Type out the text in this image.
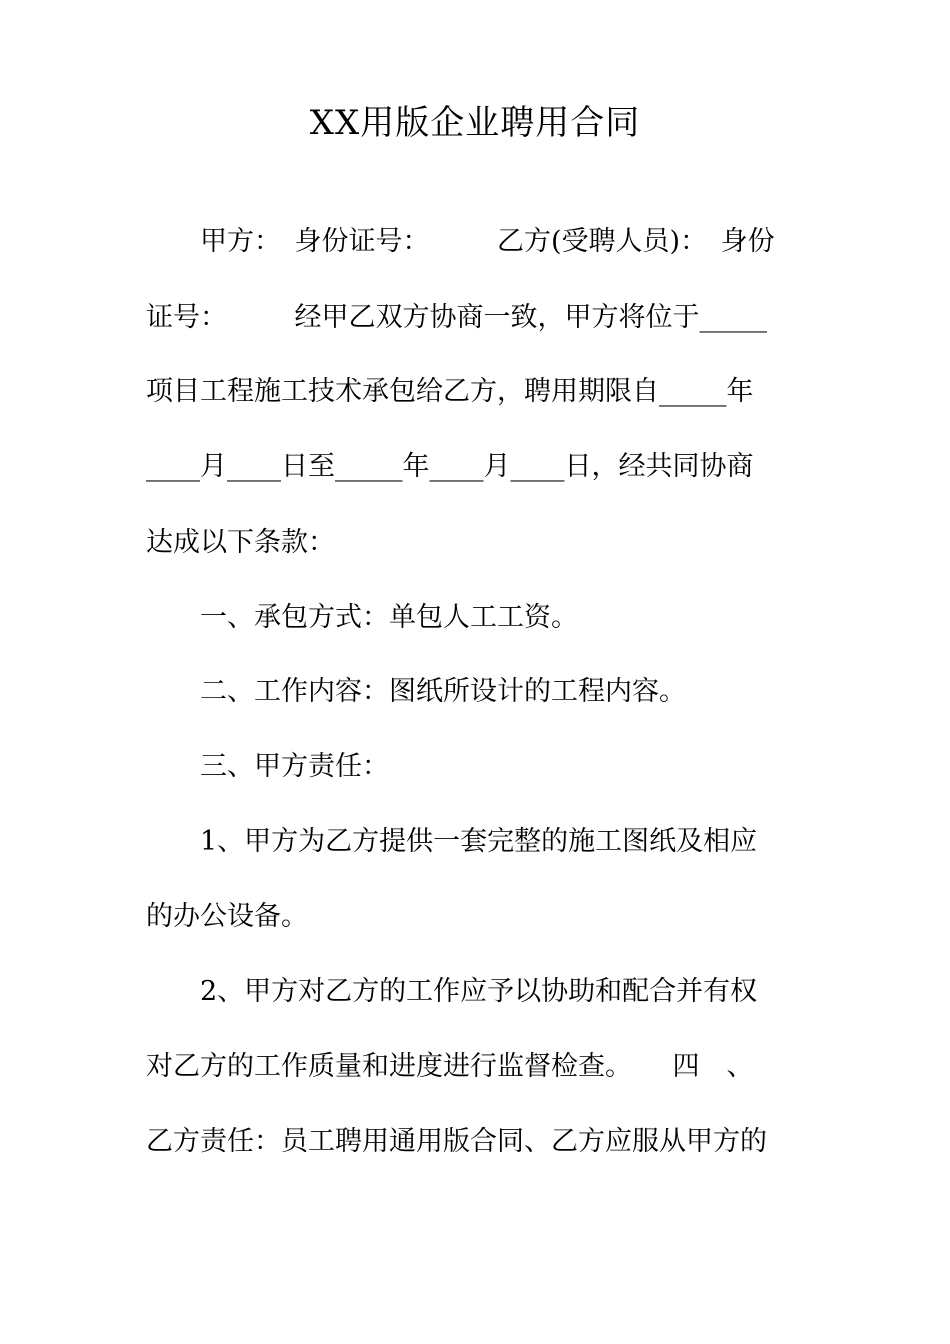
XX用版企业聘用合同
　　甲方：　身份证号：　　　乙方(受聘人员)：　身份
证号：　　　经甲乙双方协商一致，甲方将位于_____
项目工程施工技术承包给乙方，聘用期限自_____年
____月____日至_____年____月____日，经共同协商
达成以下条款：
　　一、承包方式：单包人工工资。
　　二、工作内容：图纸所设计的工程内容。
　　三、甲方责任：
　　1、甲方为乙方提供一套完整的施工图纸及相应
的办公设备。
　　2、甲方对乙方的工作应予以协助和配合并有权
对乙方的工作质量和进度进行监督检查。　　四　、
乙方责任：员工聘用通用版合同、乙方应服从甲方的
